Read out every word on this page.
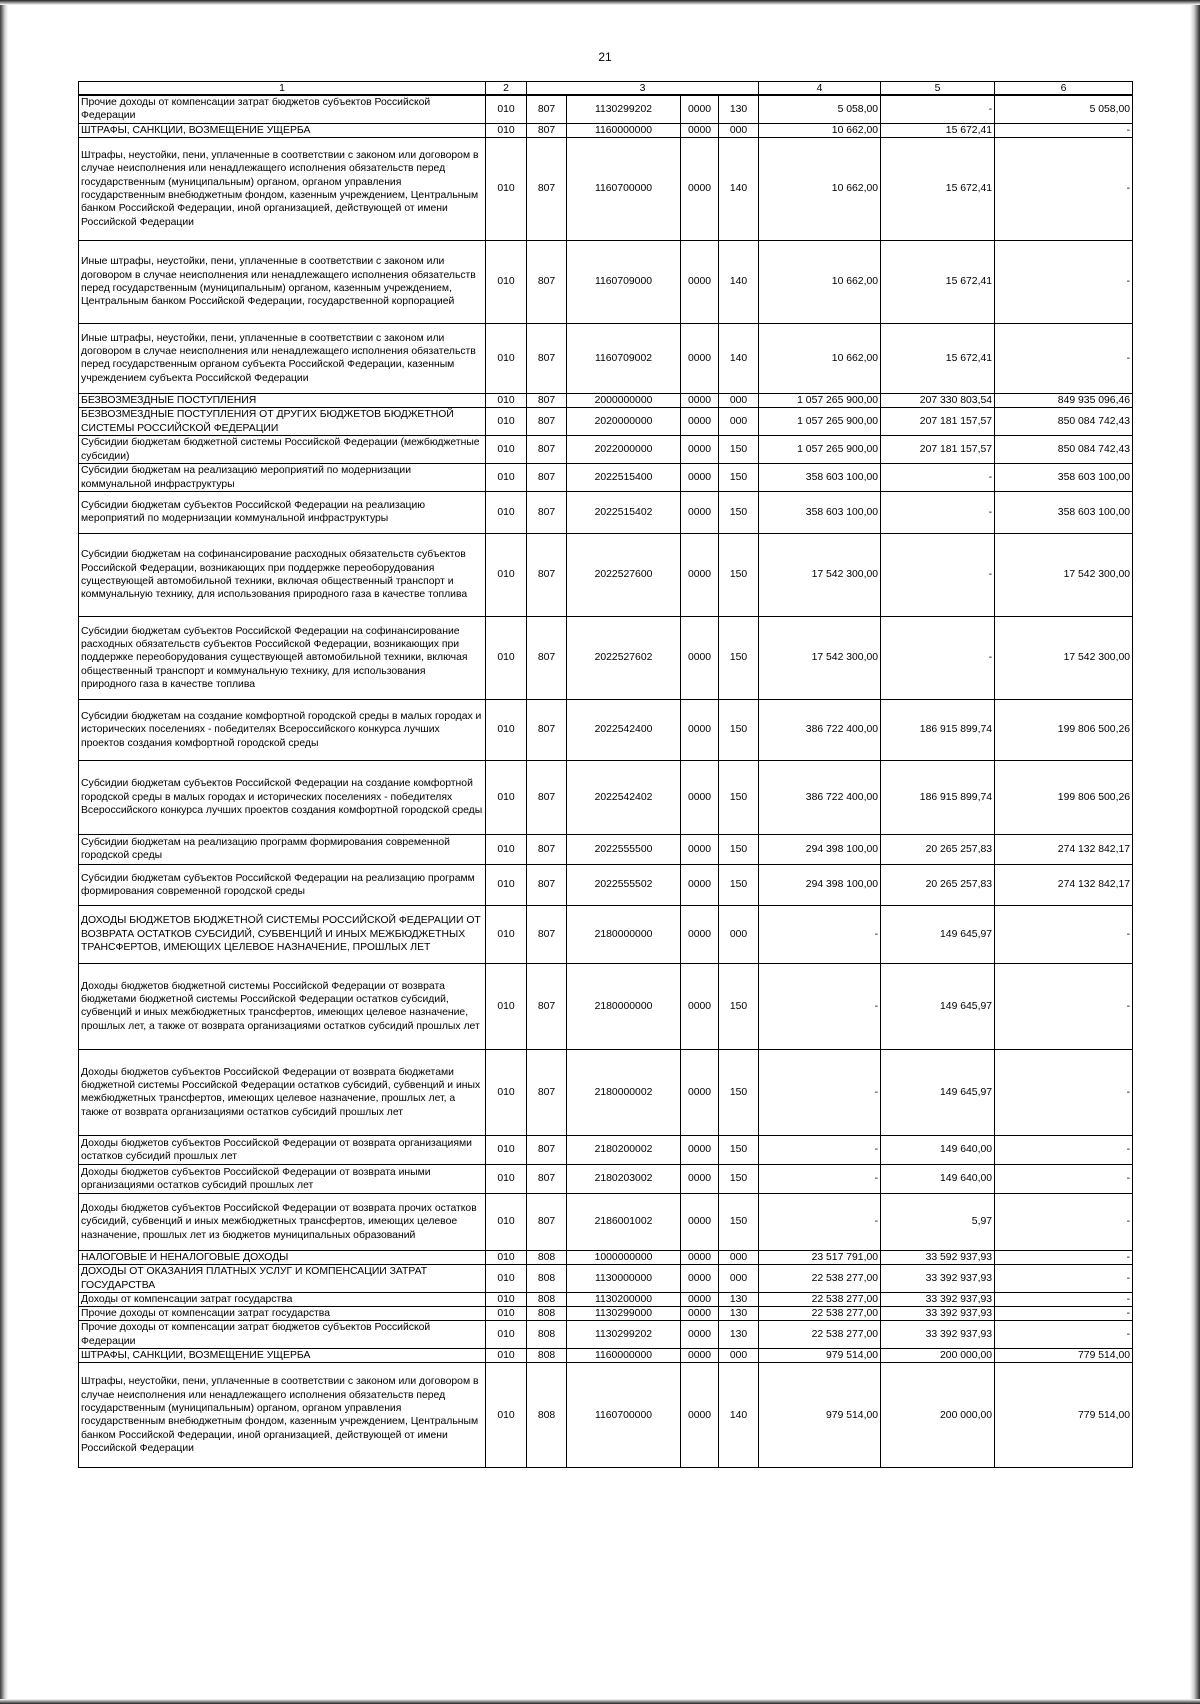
21
1	2	3				4	5	6
Прочие доходы от компенсации затрат бюджетов субъектов Российской Федерации	010	807	1130299202	0000	130	5 058,00	-	5 058,00
ШТРАФЫ, САНКЦИИ, ВОЗМЕЩЕНИЕ УЩЕРБА	010	807	1160000000	0000	000	10 662,00	15 672,41	-
Штрафы, неустойки, пени, уплаченные в соответствии с законом или договором в случае неисполнения или ненадлежащего исполнения обязательств перед государственным (муниципальным) органом, органом управления государственным внебюджетным фондом, казенным учреждением, Центральным банком Российской Федерации, иной организацией, действующей от имени Российской Федерации	010	807	1160700000	0000	140	10 662,00	15 672,41	-
Иные штрафы, неустойки, пени, уплаченные в соответствии с законом или договором в случае неисполнения или ненадлежащего исполнения обязательств перед государственным (муниципальным) органом, казенным учреждением, Центральным банком Российской Федерации, государственной корпорацией	010	807	1160709000	0000	140	10 662,00	15 672,41	-
Иные штрафы, неустойки, пени, уплаченные в соответствии с законом или договором в случае неисполнения или ненадлежащего исполнения обязательств перед государственным органом субъекта Российской Федерации, казенным учреждением субъекта Российской Федерации	010	807	1160709002	0000	140	10 662,00	15 672,41	-
БЕЗВОЗМЕЗДНЫЕ ПОСТУПЛЕНИЯ	010	807	2000000000	0000	000	1 057 265 900,00	207 330 803,54	849 935 096,46
БЕЗВОЗМЕЗДНЫЕ ПОСТУПЛЕНИЯ ОТ ДРУГИХ БЮДЖЕТОВ БЮДЖЕТНОЙ СИСТЕМЫ РОССИЙСКОЙ ФЕДЕРАЦИИ	010	807	2020000000	0000	000	1 057 265 900,00	207 181 157,57	850 084 742,43
Субсидии бюджетам бюджетной системы Российской Федерации (межбюджетные субсидии)	010	807	2022000000	0000	150	1 057 265 900,00	207 181 157,57	850 084 742,43
Субсидии бюджетам на реализацию мероприятий по модернизации коммунальной инфраструктуры	010	807	2022515400	0000	150	358 603 100,00	-	358 603 100,00
Субсидии бюджетам субъектов Российской Федерации на реализацию мероприятий по модернизации коммунальной инфраструктуры	010	807	2022515402	0000	150	358 603 100,00	-	358 603 100,00
Субсидии бюджетам на софинансирование расходных обязательств субъектов Российской Федерации, возникающих при поддержке переоборудования существующей автомобильной техники, включая общественный транспорт и коммунальную технику, для использования природного газа в качестве топлива	010	807	2022527600	0000	150	17 542 300,00	-	17 542 300,00
Субсидии бюджетам субъектов Российской Федерации на софинансирование расходных обязательств субъектов Российской Федерации, возникающих при поддержке переоборудования существующей автомобильной техники, включая общественный транспорт и коммунальную технику, для использования природного газа в качестве топлива	010	807	2022527602	0000	150	17 542 300,00	-	17 542 300,00
Субсидии бюджетам на создание комфортной городской среды в малых городах и исторических поселениях - победителях Всероссийского конкурса лучших проектов создания комфортной городской среды	010	807	2022542400	0000	150	386 722 400,00	186 915 899,74	199 806 500,26
Субсидии бюджетам субъектов Российской Федерации на создание комфортной городской среды в малых городах и исторических поселениях - победителях Всероссийского конкурса лучших проектов создания комфортной городской среды	010	807	2022542402	0000	150	386 722 400,00	186 915 899,74	199 806 500,26
Субсидии бюджетам на реализацию программ формирования современной городской среды	010	807	2022555500	0000	150	294 398 100,00	20 265 257,83	274 132 842,17
Субсидии бюджетам субъектов Российской Федерации на реализацию программ формирования современной городской среды	010	807	2022555502	0000	150	294 398 100,00	20 265 257,83	274 132 842,17
ДОХОДЫ БЮДЖЕТОВ БЮДЖЕТНОЙ СИСТЕМЫ РОССИЙСКОЙ ФЕДЕРАЦИИ ОТ ВОЗВРАТА ОСТАТКОВ СУБСИДИЙ, СУБВЕНЦИЙ И ИНЫХ МЕЖБЮДЖЕТНЫХ ТРАНСФЕРТОВ, ИМЕЮЩИХ ЦЕЛЕВОЕ НАЗНАЧЕНИЕ, ПРОШЛЫХ ЛЕТ	010	807	2180000000	0000	000	-	149 645,97	-
Доходы бюджетов бюджетной системы Российской Федерации от возврата бюджетами бюджетной системы Российской Федерации остатков субсидий, субвенций и иных межбюджетных трансфертов, имеющих целевое назначение, прошлых лет, а также от возврата организациями остатков субсидий прошлых лет	010	807	2180000000	0000	150	-	149 645,97	-
Доходы бюджетов субъектов Российской Федерации от возврата бюджетами бюджетной системы Российской Федерации остатков субсидий, субвенций и иных межбюджетных трансфертов, имеющих целевое назначение, прошлых лет, а также от возврата организациями остатков субсидий прошлых лет	010	807	2180000002	0000	150	-	149 645,97	-
Доходы бюджетов субъектов Российской Федерации от возврата организациями остатков субсидий прошлых лет	010	807	2180200002	0000	150	-	149 640,00	-
Доходы бюджетов субъектов Российской Федерации от возврата иными организациями остатков субсидий прошлых лет	010	807	2180203002	0000	150	-	149 640,00	-
Доходы бюджетов субъектов Российской Федерации от возврата прочих остатков субсидий, субвенций и иных межбюджетных трансфертов, имеющих целевое назначение, прошлых лет из бюджетов муниципальных образований	010	807	2186001002	0000	150	-	5,97	-
НАЛОГОВЫЕ И НЕНАЛОГОВЫЕ ДОХОДЫ	010	808	1000000000	0000	000	23 517 791,00	33 592 937,93	-
ДОХОДЫ ОТ ОКАЗАНИЯ ПЛАТНЫХ УСЛУГ И КОМПЕНСАЦИИ ЗАТРАТ ГОСУДАРСТВА	010	808	1130000000	0000	000	22 538 277,00	33 392 937,93	-
Доходы от компенсации затрат государства	010	808	1130200000	0000	130	22 538 277,00	33 392 937,93	-
Прочие доходы от компенсации затрат государства	010	808	1130299000	0000	130	22 538 277,00	33 392 937,93	-
Прочие доходы от компенсации затрат бюджетов субъектов Российской Федерации	010	808	1130299202	0000	130	22 538 277,00	33 392 937,93	-
ШТРАФЫ, САНКЦИИ, ВОЗМЕЩЕНИЕ УЩЕРБА	010	808	1160000000	0000	000	979 514,00	200 000,00	779 514,00
Штрафы, неустойки, пени, уплаченные в соответствии с законом или договором в случае неисполнения или ненадлежащего исполнения обязательств перед государственным (муниципальным) органом, органом управления государственным внебюджетным фондом, казенным учреждением, Центральным банком Российской Федерации, иной организацией, действующей от имени Российской Федерации	010	808	1160700000	0000	140	979 514,00	200 000,00	779 514,00
